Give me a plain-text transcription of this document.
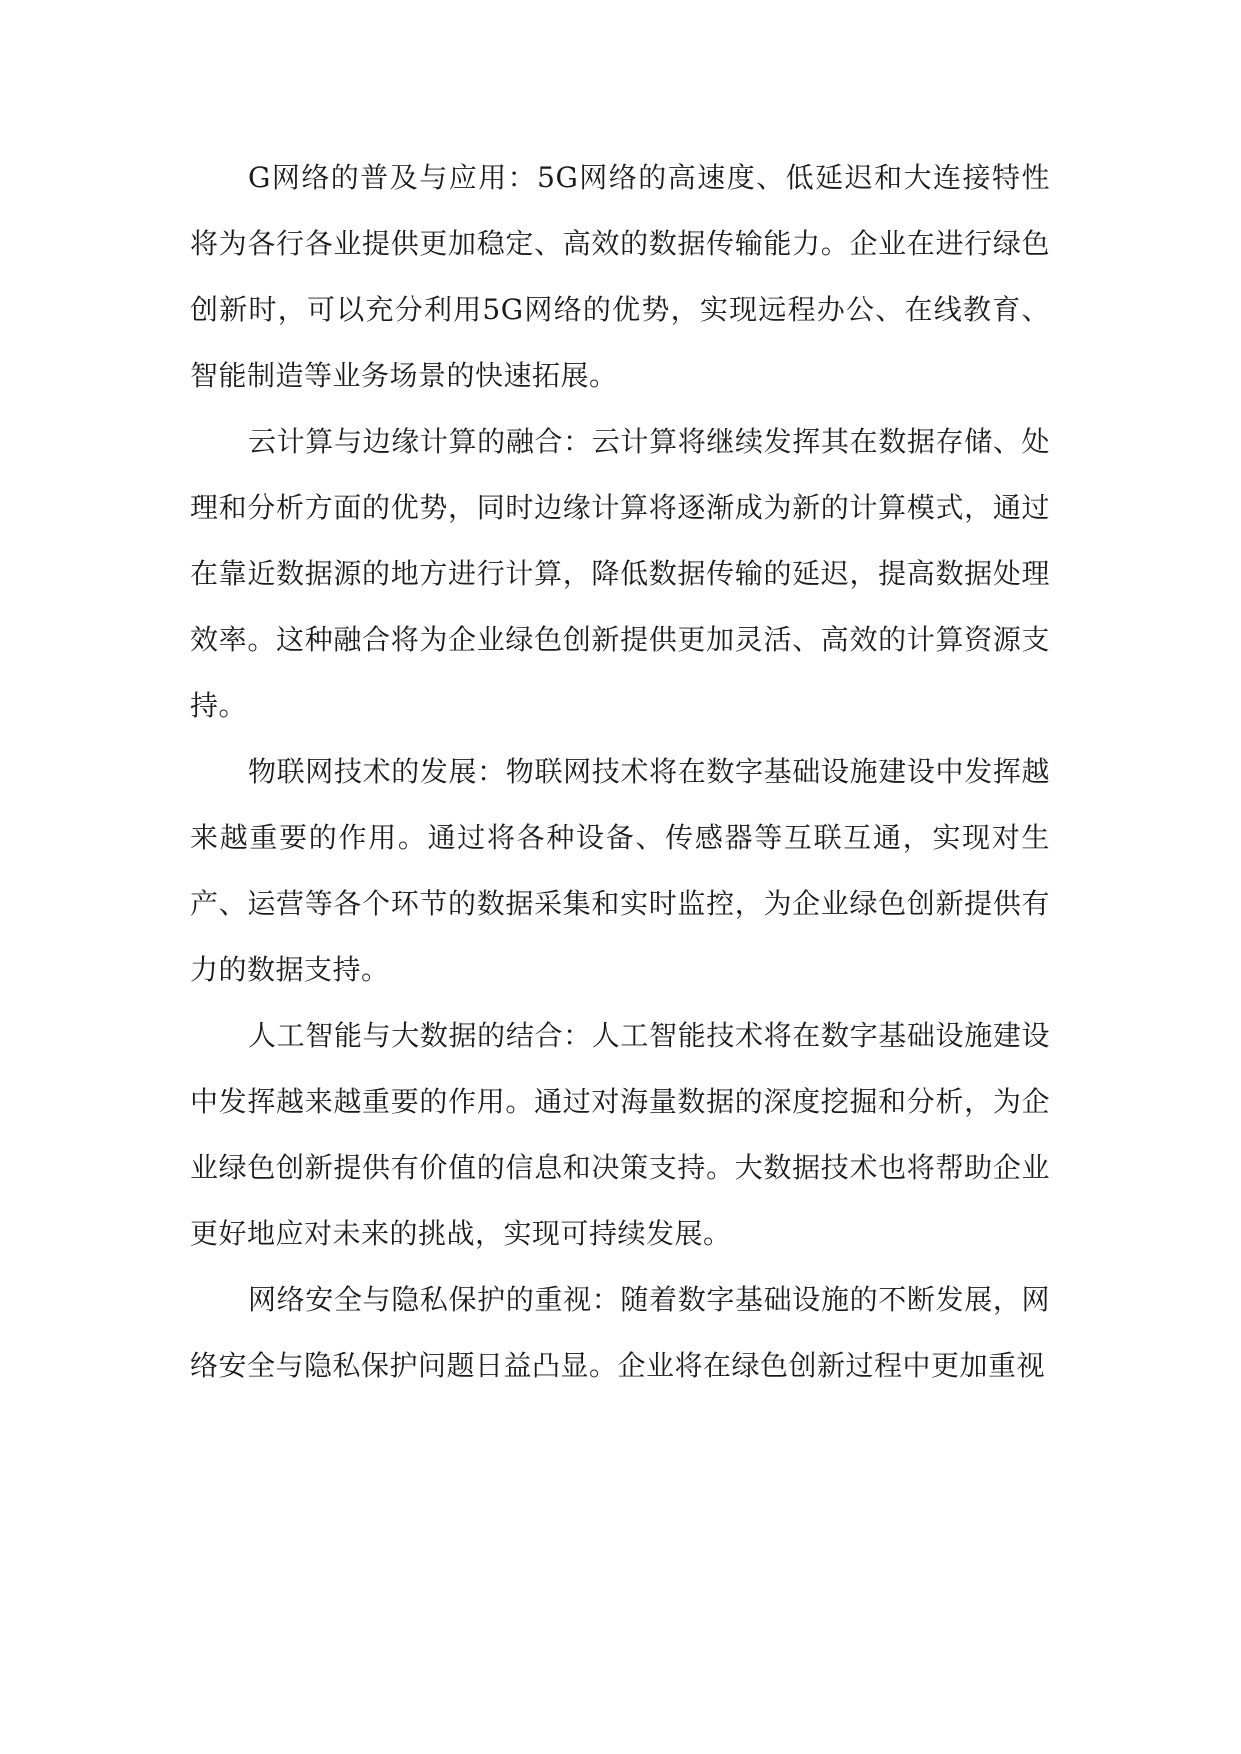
G网络的普及与应用：5G网络的高速度、低延迟和大连接特性将为各行各业提供更加稳定、高效的数据传输能力。企业在进行绿色创新时，可以充分利用5G网络的优势，实现远程办公、在线教育、智能制造等业务场景的快速拓展。

云计算与边缘计算的融合：云计算将继续发挥其在数据存储、处理和分析方面的优势，同时边缘计算将逐渐成为新的计算模式，通过在靠近数据源的地方进行计算，降低数据传输的延迟，提高数据处理效率。这种融合将为企业绿色创新提供更加灵活、高效的计算资源支持。

物联网技术的发展：物联网技术将在数字基础设施建设中发挥越来越重要的作用。通过将各种设备、传感器等互联互通，实现对生产、运营等各个环节的数据采集和实时监控，为企业绿色创新提供有力的数据支持。

人工智能与大数据的结合：人工智能技术将在数字基础设施建设中发挥越来越重要的作用。通过对海量数据的深度挖掘和分析，为企业绿色创新提供有价值的信息和决策支持。大数据技术也将帮助企业更好地应对未来的挑战，实现可持续发展。

网络安全与隐私保护的重视：随着数字基础设施的不断发展，网络安全与隐私保护问题日益凸显。企业将在绿色创新过程中更加重视
